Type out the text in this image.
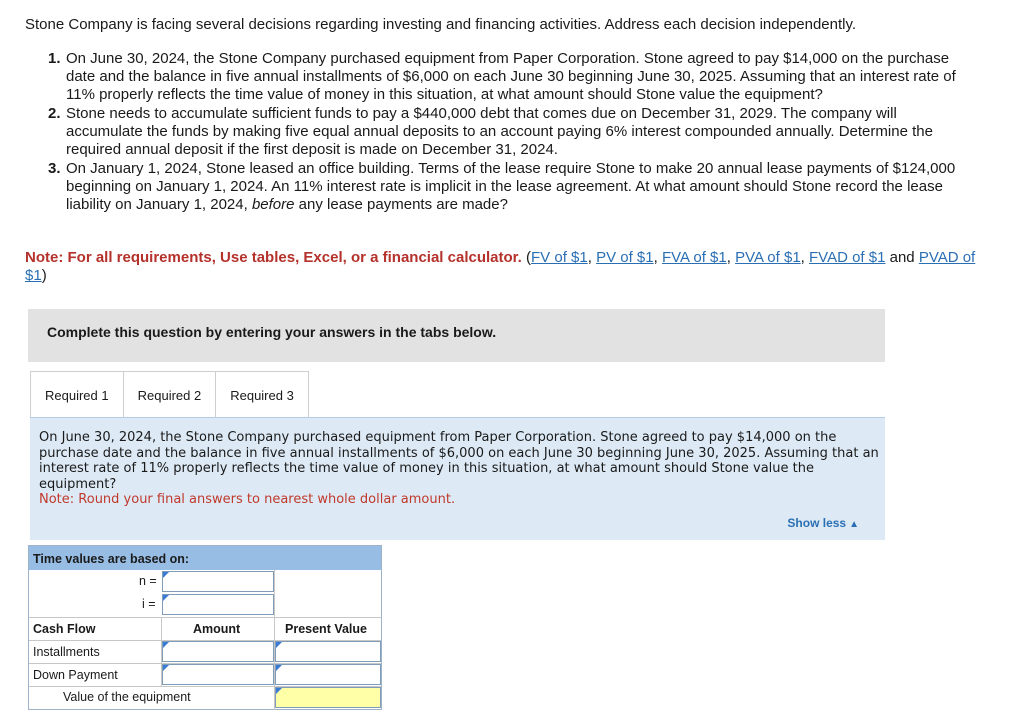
Stone Company is facing several decisions regarding investing and financing activities. Address each decision independently.
1. On June 30, 2024, the Stone Company purchased equipment from Paper Corporation. Stone agreed to pay $14,000 on the purchase date and the balance in five annual installments of $6,000 on each June 30 beginning June 30, 2025. Assuming that an interest rate of 11% properly reflects the time value of money in this situation, at what amount should Stone value the equipment?
2. Stone needs to accumulate sufficient funds to pay a $440,000 debt that comes due on December 31, 2029. The company will accumulate the funds by making five equal annual deposits to an account paying 6% interest compounded annually. Determine the required annual deposit if the first deposit is made on December 31, 2024.
3. On January 1, 2024, Stone leased an office building. Terms of the lease require Stone to make 20 annual lease payments of $124,000 beginning on January 1, 2024. An 11% interest rate is implicit in the lease agreement. At what amount should Stone record the lease liability on January 1, 2024, before any lease payments are made?
Note: For all requirements, Use tables, Excel, or a financial calculator. (FV of $1, PV of $1, FVA of $1, PVA of $1, FVAD of $1 and PVAD of $1)
Complete this question by entering your answers in the tabs below.
Required 1	Required 2	Required 3
On June 30, 2024, the Stone Company purchased equipment from Paper Corporation. Stone agreed to pay $14,000 on the purchase date and the balance in five annual installments of $6,000 on each June 30 beginning June 30, 2025. Assuming that an interest rate of 11% properly reflects the time value of money in this situation, at what amount should Stone value the equipment?
Note: Round your final answers to nearest whole dollar amount.
Show less ▲
Time values are based on:
n =
i =
Cash Flow	Amount	Present Value
Installments
Down Payment
Value of the equipment
